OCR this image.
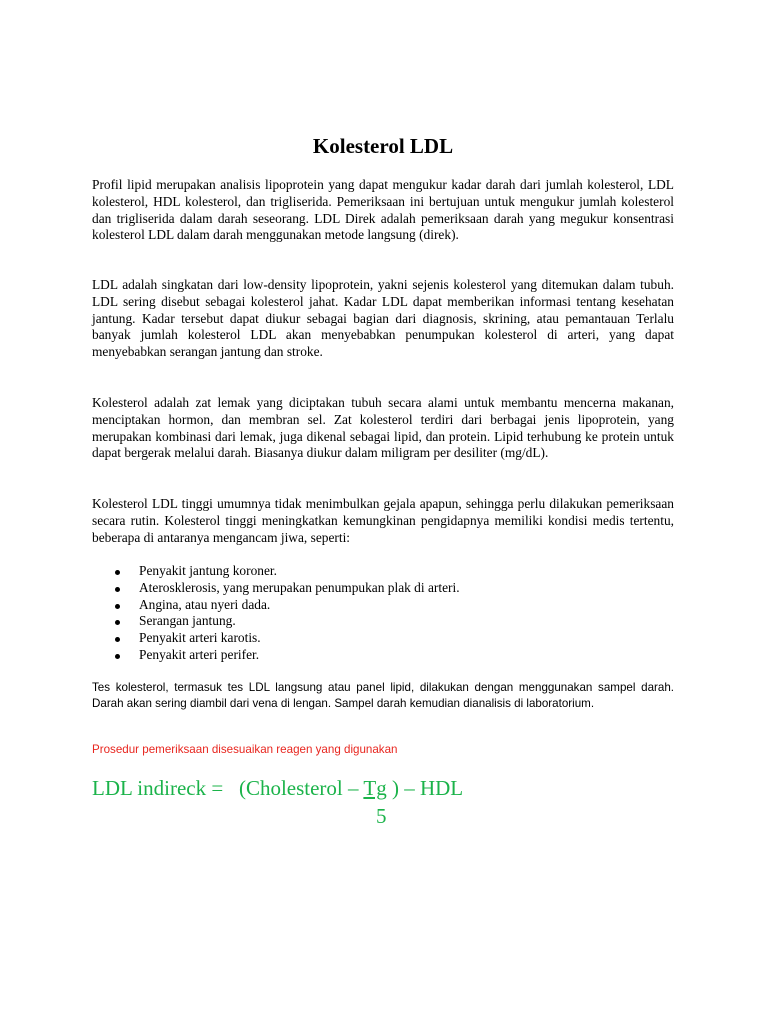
Kolesterol LDL

Profil lipid merupakan analisis lipoprotein yang dapat mengukur kadar darah dari jumlah kolesterol, LDL kolesterol, HDL kolesterol, dan trigliserida. Pemeriksaan ini bertujuan untuk mengukur jumlah kolesterol dan trigliserida dalam darah seseorang. LDL Direk adalah pemeriksaan darah yang megukur konsentrasi kolesterol LDL dalam darah menggunakan metode langsung (direk).

LDL adalah singkatan dari low-density lipoprotein, yakni sejenis kolesterol yang ditemukan dalam tubuh. LDL sering disebut sebagai kolesterol jahat. Kadar LDL dapat memberikan informasi tentang kesehatan jantung. Kadar tersebut dapat diukur sebagai bagian dari diagnosis, skrining, atau pemantauan Terlalu banyak jumlah kolesterol LDL akan menyebabkan penumpukan kolesterol di arteri, yang dapat menyebabkan serangan jantung dan stroke.

Kolesterol adalah zat lemak yang diciptakan tubuh secara alami untuk membantu mencerna makanan, menciptakan hormon, dan membran sel. Zat kolesterol terdiri dari berbagai jenis lipoprotein, yang merupakan kombinasi dari lemak, juga dikenal sebagai lipid, dan protein. Lipid terhubung ke protein untuk dapat bergerak melalui darah. Biasanya diukur dalam miligram per desiliter (mg/dL).

Kolesterol LDL tinggi umumnya tidak menimbulkan gejala apapun, sehingga perlu dilakukan pemeriksaan secara rutin. Kolesterol tinggi meningkatkan kemungkinan pengidapnya memiliki kondisi medis tertentu, beberapa di antaranya mengancam jiwa, seperti:

Penyakit jantung koroner.
Aterosklerosis, yang merupakan penumpukan plak di arteri.
Angina, atau nyeri dada.
Serangan jantung.
Penyakit arteri karotis.
Penyakit arteri perifer.

Tes kolesterol, termasuk tes LDL langsung atau panel lipid, dilakukan dengan menggunakan sampel darah. Darah akan sering diambil dari vena di lengan. Sampel darah kemudian dianalisis di laboratorium.

Prosedur pemeriksaan disesuaikan reagen yang digunakan

LDL indireck = (Cholesterol – Tg ) – HDL

5
